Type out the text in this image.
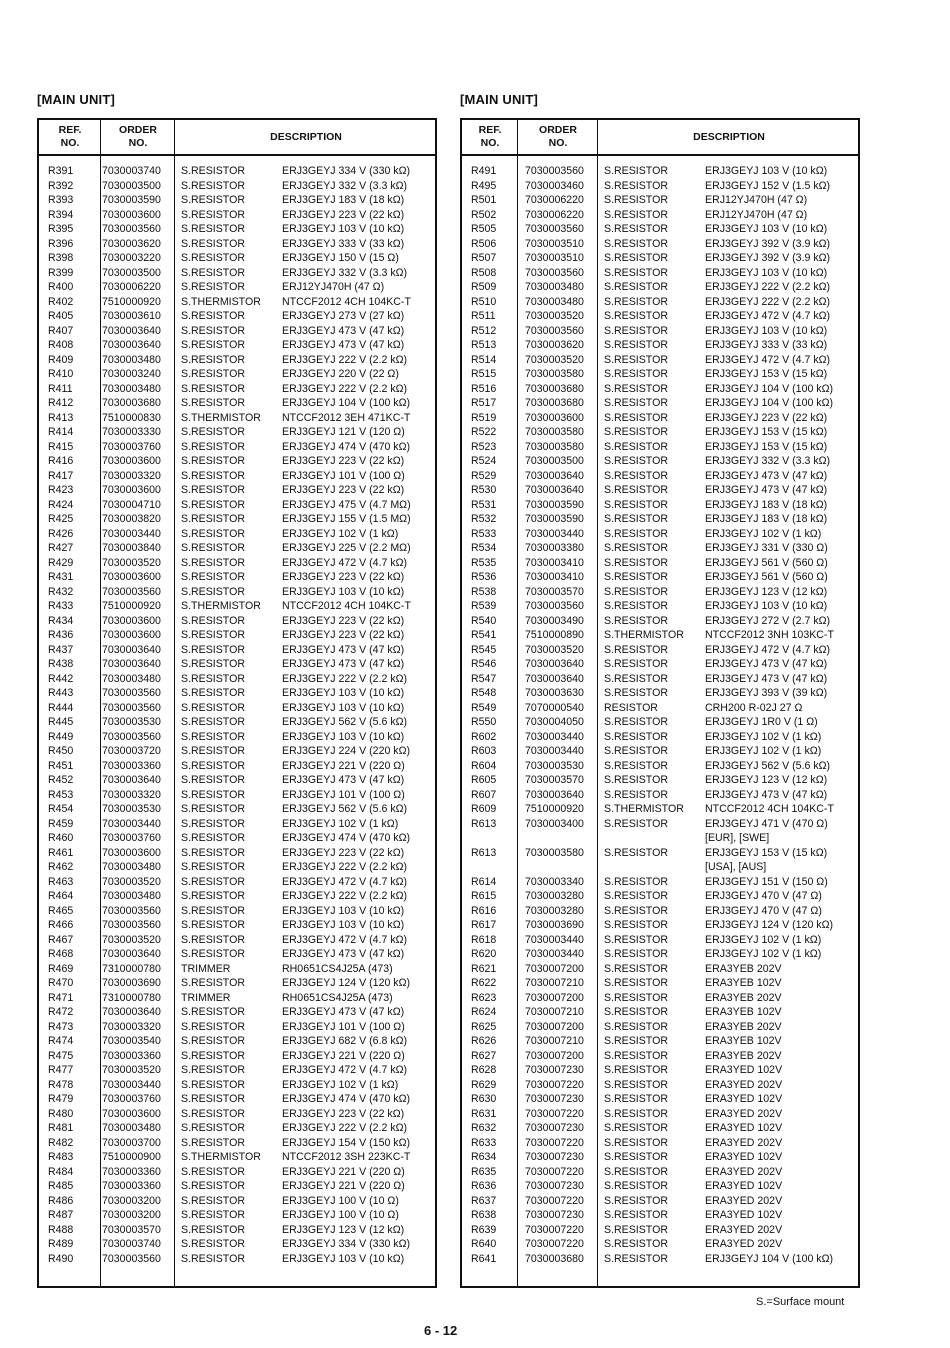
[MAIN UNIT]
REF.
NO.
ORDER
NO.
DESCRIPTION
R391	7030003740 S.RESISTOR	ERJ3GEYJ 334 V (330 kΩ)
R392	7030003500 S.RESISTOR	ERJ3GEYJ 332 V (3.3 kΩ)
R393	7030003590 S.RESISTOR	ERJ3GEYJ 183 V (18 kΩ)
R394	7030003600 S.RESISTOR	ERJ3GEYJ 223 V (22 kΩ)
R395	7030003560 S.RESISTOR	ERJ3GEYJ 103 V (10 kΩ)
R396	7030003620 S.RESISTOR	ERJ3GEYJ 333 V (33 kΩ)
R398	7030003220 S.RESISTOR	ERJ3GEYJ 150 V (15 Ω)
R399	7030003500 S.RESISTOR	ERJ3GEYJ 332 V (3.3 kΩ)
R400	7030006220 S.RESISTOR	ERJ12YJ470H (47 Ω)
R402	7510000920 S.THERMISTOR NTCCF2012 4CH 104KC-T
R405	7030003610 S.RESISTOR	ERJ3GEYJ 273 V (27 kΩ)
R407	7030003640 S.RESISTOR	ERJ3GEYJ 473 V (47 kΩ)
R408	7030003640 S.RESISTOR	ERJ3GEYJ 473 V (47 kΩ)
R409	7030003480 S.RESISTOR	ERJ3GEYJ 222 V (2.2 kΩ)
R410	7030003240 S.RESISTOR	ERJ3GEYJ 220 V (22 Ω)
R411	7030003480 S.RESISTOR	ERJ3GEYJ 222 V (2.2 kΩ)
R412	7030003680 S.RESISTOR	ERJ3GEYJ 104 V (100 kΩ)
R413	7510000830 S.THERMISTOR NTCCF2012 3EH 471KC-T
R414	7030003330 S.RESISTOR	ERJ3GEYJ 121 V (120 Ω)
R415	7030003760 S.RESISTOR	ERJ3GEYJ 474 V (470 kΩ)
R416	7030003600 S.RESISTOR	ERJ3GEYJ 223 V (22 kΩ)
R417	7030003320 S.RESISTOR	ERJ3GEYJ 101 V (100 Ω)
R423	7030003600 S.RESISTOR	ERJ3GEYJ 223 V (22 kΩ)
R424	7030004710 S.RESISTOR	ERJ3GEYJ 475 V (4.7 MΩ)
R425	7030003820 S.RESISTOR	ERJ3GEYJ 155 V (1.5 MΩ)
R426	7030003440 S.RESISTOR	ERJ3GEYJ 102 V (1 kΩ)
R427	7030003840 S.RESISTOR	ERJ3GEYJ 225 V (2.2 MΩ)
R429	7030003520 S.RESISTOR	ERJ3GEYJ 472 V (4.7 kΩ)
R431	7030003600 S.RESISTOR	ERJ3GEYJ 223 V (22 kΩ)
R432	7030003560 S.RESISTOR	ERJ3GEYJ 103 V (10 kΩ)
R433	7510000920 S.THERMISTOR NTCCF2012 4CH 104KC-T
R434	7030003600 S.RESISTOR	ERJ3GEYJ 223 V (22 kΩ)
R436	7030003600 S.RESISTOR	ERJ3GEYJ 223 V (22 kΩ)
R437	7030003640 S.RESISTOR	ERJ3GEYJ 473 V (47 kΩ)
R438	7030003640 S.RESISTOR	ERJ3GEYJ 473 V (47 kΩ)
R442	7030003480 S.RESISTOR	ERJ3GEYJ 222 V (2.2 kΩ)
R443	7030003560 S.RESISTOR	ERJ3GEYJ 103 V (10 kΩ)
R444	7030003560 S.RESISTOR	ERJ3GEYJ 103 V (10 kΩ)
R445	7030003530 S.RESISTOR	ERJ3GEYJ 562 V (5.6 kΩ)
R449	7030003560 S.RESISTOR	ERJ3GEYJ 103 V (10 kΩ)
R450	7030003720 S.RESISTOR	ERJ3GEYJ 224 V (220 kΩ)
R451	7030003360 S.RESISTOR	ERJ3GEYJ 221 V (220 Ω)
R452	7030003640 S.RESISTOR	ERJ3GEYJ 473 V (47 kΩ)
R453	7030003320 S.RESISTOR	ERJ3GEYJ 101 V (100 Ω)
R454	7030003530 S.RESISTOR	ERJ3GEYJ 562 V (5.6 kΩ)
R459	7030003440 S.RESISTOR	ERJ3GEYJ 102 V (1 kΩ)
R460	7030003760 S.RESISTOR	ERJ3GEYJ 474 V (470 kΩ)
R461	7030003600 S.RESISTOR	ERJ3GEYJ 223 V (22 kΩ)
R462	7030003480 S.RESISTOR	ERJ3GEYJ 222 V (2.2 kΩ)
R463	7030003520 S.RESISTOR	ERJ3GEYJ 472 V (4.7 kΩ)
R464	7030003480 S.RESISTOR	ERJ3GEYJ 222 V (2.2 kΩ)
R465	7030003560 S.RESISTOR	ERJ3GEYJ 103 V (10 kΩ)
R466	7030003560 S.RESISTOR	ERJ3GEYJ 103 V (10 kΩ)
R467	7030003520 S.RESISTOR	ERJ3GEYJ 472 V (4.7 kΩ)
R468	7030003640 S.RESISTOR	ERJ3GEYJ 473 V (47 kΩ)
R469	7310000780 TRIMMER	RH0651CS4J25A (473)
R470	7030003690 S.RESISTOR	ERJ3GEYJ 124 V (120 kΩ)
R471	7310000780 TRIMMER	RH0651CS4J25A (473)
R472	7030003640 S.RESISTOR	ERJ3GEYJ 473 V (47 kΩ)
R473	7030003320 S.RESISTOR	ERJ3GEYJ 101 V (100 Ω)
R474	7030003540 S.RESISTOR	ERJ3GEYJ 682 V (6.8 kΩ)
R475	7030003360 S.RESISTOR	ERJ3GEYJ 221 V (220 Ω)
R477	7030003520 S.RESISTOR	ERJ3GEYJ 472 V (4.7 kΩ)
R478	7030003440 S.RESISTOR	ERJ3GEYJ 102 V (1 kΩ)
R479	7030003760 S.RESISTOR	ERJ3GEYJ 474 V (470 kΩ)
R480	7030003600 S.RESISTOR	ERJ3GEYJ 223 V (22 kΩ)
R481	7030003480 S.RESISTOR	ERJ3GEYJ 222 V (2.2 kΩ)
R482	7030003700 S.RESISTOR	ERJ3GEYJ 154 V (150 kΩ)
R483	7510000900 S.THERMISTOR NTCCF2012 3SH 223KC-T
R484	7030003360 S.RESISTOR	ERJ3GEYJ 221 V (220 Ω)
R485	7030003360 S.RESISTOR	ERJ3GEYJ 221 V (220 Ω)
R486	7030003200 S.RESISTOR	ERJ3GEYJ 100 V (10 Ω)
R487	7030003200 S.RESISTOR	ERJ3GEYJ 100 V (10 Ω)
R488	7030003570 S.RESISTOR	ERJ3GEYJ 123 V (12 kΩ)
R489	7030003740 S.RESISTOR	ERJ3GEYJ 334 V (330 kΩ)
R490	7030003560 S.RESISTOR	ERJ3GEYJ 103 V (10 kΩ)
[MAIN UNIT]
REF.
NO.
ORDER
NO.
DESCRIPTION
R491	7030003560 S.RESISTOR	ERJ3GEYJ 103 V (10 kΩ)
R495	7030003460 S.RESISTOR	ERJ3GEYJ 152 V (1.5 kΩ)
R501	7030006220 S.RESISTOR	ERJ12YJ470H (47 Ω)
R502	7030006220 S.RESISTOR	ERJ12YJ470H (47 Ω)
R505	7030003560 S.RESISTOR	ERJ3GEYJ 103 V (10 kΩ)
R506	7030003510 S.RESISTOR	ERJ3GEYJ 392 V (3.9 kΩ)
R507	7030003510 S.RESISTOR	ERJ3GEYJ 392 V (3.9 kΩ)
R508	7030003560 S.RESISTOR	ERJ3GEYJ 103 V (10 kΩ)
R509	7030003480 S.RESISTOR	ERJ3GEYJ 222 V (2.2 kΩ)
R510	7030003480 S.RESISTOR	ERJ3GEYJ 222 V (2.2 kΩ)
R511	7030003520 S.RESISTOR	ERJ3GEYJ 472 V (4.7 kΩ)
R512	7030003560 S.RESISTOR	ERJ3GEYJ 103 V (10 kΩ)
R513	7030003620 S.RESISTOR	ERJ3GEYJ 333 V (33 kΩ)
R514	7030003520 S.RESISTOR	ERJ3GEYJ 472 V (4.7 kΩ)
R515	7030003580 S.RESISTOR	ERJ3GEYJ 153 V (15 kΩ)
R516	7030003680 S.RESISTOR	ERJ3GEYJ 104 V (100 kΩ)
R517	7030003680 S.RESISTOR	ERJ3GEYJ 104 V (100 kΩ)
R519	7030003600 S.RESISTOR	ERJ3GEYJ 223 V (22 kΩ)
R522	7030003580 S.RESISTOR	ERJ3GEYJ 153 V (15 kΩ)
R523	7030003580 S.RESISTOR	ERJ3GEYJ 153 V (15 kΩ)
R524	7030003500 S.RESISTOR	ERJ3GEYJ 332 V (3.3 kΩ)
R529	7030003640 S.RESISTOR	ERJ3GEYJ 473 V (47 kΩ)
R530	7030003640 S.RESISTOR	ERJ3GEYJ 473 V (47 kΩ)
R531	7030003590 S.RESISTOR	ERJ3GEYJ 183 V (18 kΩ)
R532	7030003590 S.RESISTOR	ERJ3GEYJ 183 V (18 kΩ)
R533	7030003440 S.RESISTOR	ERJ3GEYJ 102 V (1 kΩ)
R534	7030003380 S.RESISTOR	ERJ3GEYJ 331 V (330 Ω)
R535	7030003410 S.RESISTOR	ERJ3GEYJ 561 V (560 Ω)
R536	7030003410 S.RESISTOR	ERJ3GEYJ 561 V (560 Ω)
R538	7030003570 S.RESISTOR	ERJ3GEYJ 123 V (12 kΩ)
R539	7030003560 S.RESISTOR	ERJ3GEYJ 103 V (10 kΩ)
R540	7030003490 S.RESISTOR	ERJ3GEYJ 272 V (2.7 kΩ)
R541	7510000890 S.THERMISTOR NTCCF2012 3NH 103KC-T
R545	7030003520 S.RESISTOR	ERJ3GEYJ 472 V (4.7 kΩ)
R546	7030003640 S.RESISTOR	ERJ3GEYJ 473 V (47 kΩ)
R547	7030003640 S.RESISTOR	ERJ3GEYJ 473 V (47 kΩ)
R548	7030003630 S.RESISTOR	ERJ3GEYJ 393 V (39 kΩ)
R549	7070000540 RESISTOR	CRH200 R-02J 27 Ω
R550	7030004050 S.RESISTOR	ERJ3GEYJ 1R0 V (1 Ω)
R602	7030003440 S.RESISTOR	ERJ3GEYJ 102 V (1 kΩ)
R603	7030003440 S.RESISTOR	ERJ3GEYJ 102 V (1 kΩ)
R604	7030003530 S.RESISTOR	ERJ3GEYJ 562 V (5.6 kΩ)
R605	7030003570 S.RESISTOR	ERJ3GEYJ 123 V (12 kΩ)
R607	7030003640 S.RESISTOR	ERJ3GEYJ 473 V (47 kΩ)
R609	7510000920 S.THERMISTOR NTCCF2012 4CH 104KC-T
R613	7030003400 S.RESISTOR	ERJ3GEYJ 471 V (470 Ω)
[EUR], [SWE]
R613	7030003580 S.RESISTOR	ERJ3GEYJ 153 V (15 kΩ)
[USA], [AUS]
R614	7030003340 S.RESISTOR	ERJ3GEYJ 151 V (150 Ω)
R615	7030003280 S.RESISTOR	ERJ3GEYJ 470 V (47 Ω)
R616	7030003280 S.RESISTOR	ERJ3GEYJ 470 V (47 Ω)
R617	7030003690 S.RESISTOR	ERJ3GEYJ 124 V (120 kΩ)
R618	7030003440 S.RESISTOR	ERJ3GEYJ 102 V (1 kΩ)
R620	7030003440 S.RESISTOR	ERJ3GEYJ 102 V (1 kΩ)
R621	7030007200 S.RESISTOR	ERA3YEB 202V
R622	7030007210 S.RESISTOR	ERA3YEB 102V
R623	7030007200 S.RESISTOR	ERA3YEB 202V
R624	7030007210 S.RESISTOR	ERA3YEB 102V
R625	7030007200 S.RESISTOR	ERA3YEB 202V
R626	7030007210 S.RESISTOR	ERA3YEB 102V
R627	7030007200 S.RESISTOR	ERA3YEB 202V
R628	7030007230 S.RESISTOR	ERA3YED 102V
R629	7030007220 S.RESISTOR	ERA3YED 202V
R630	7030007230 S.RESISTOR	ERA3YED 102V
R631	7030007220 S.RESISTOR	ERA3YED 202V
R632	7030007230 S.RESISTOR	ERA3YED 102V
R633	7030007220 S.RESISTOR	ERA3YED 202V
R634	7030007230 S.RESISTOR	ERA3YED 102V
R635	7030007220 S.RESISTOR	ERA3YED 202V
R636	7030007230 S.RESISTOR	ERA3YED 102V
R637	7030007220 S.RESISTOR	ERA3YED 202V
R638	7030007230 S.RESISTOR	ERA3YED 102V
R639	7030007220 S.RESISTOR	ERA3YED 202V
R640	7030007220 S.RESISTOR	ERA3YED 202V
R641	7030003680 S.RESISTOR	ERJ3GEYJ 104 V (100 kΩ)
S.=Surface mount
6 - 12
